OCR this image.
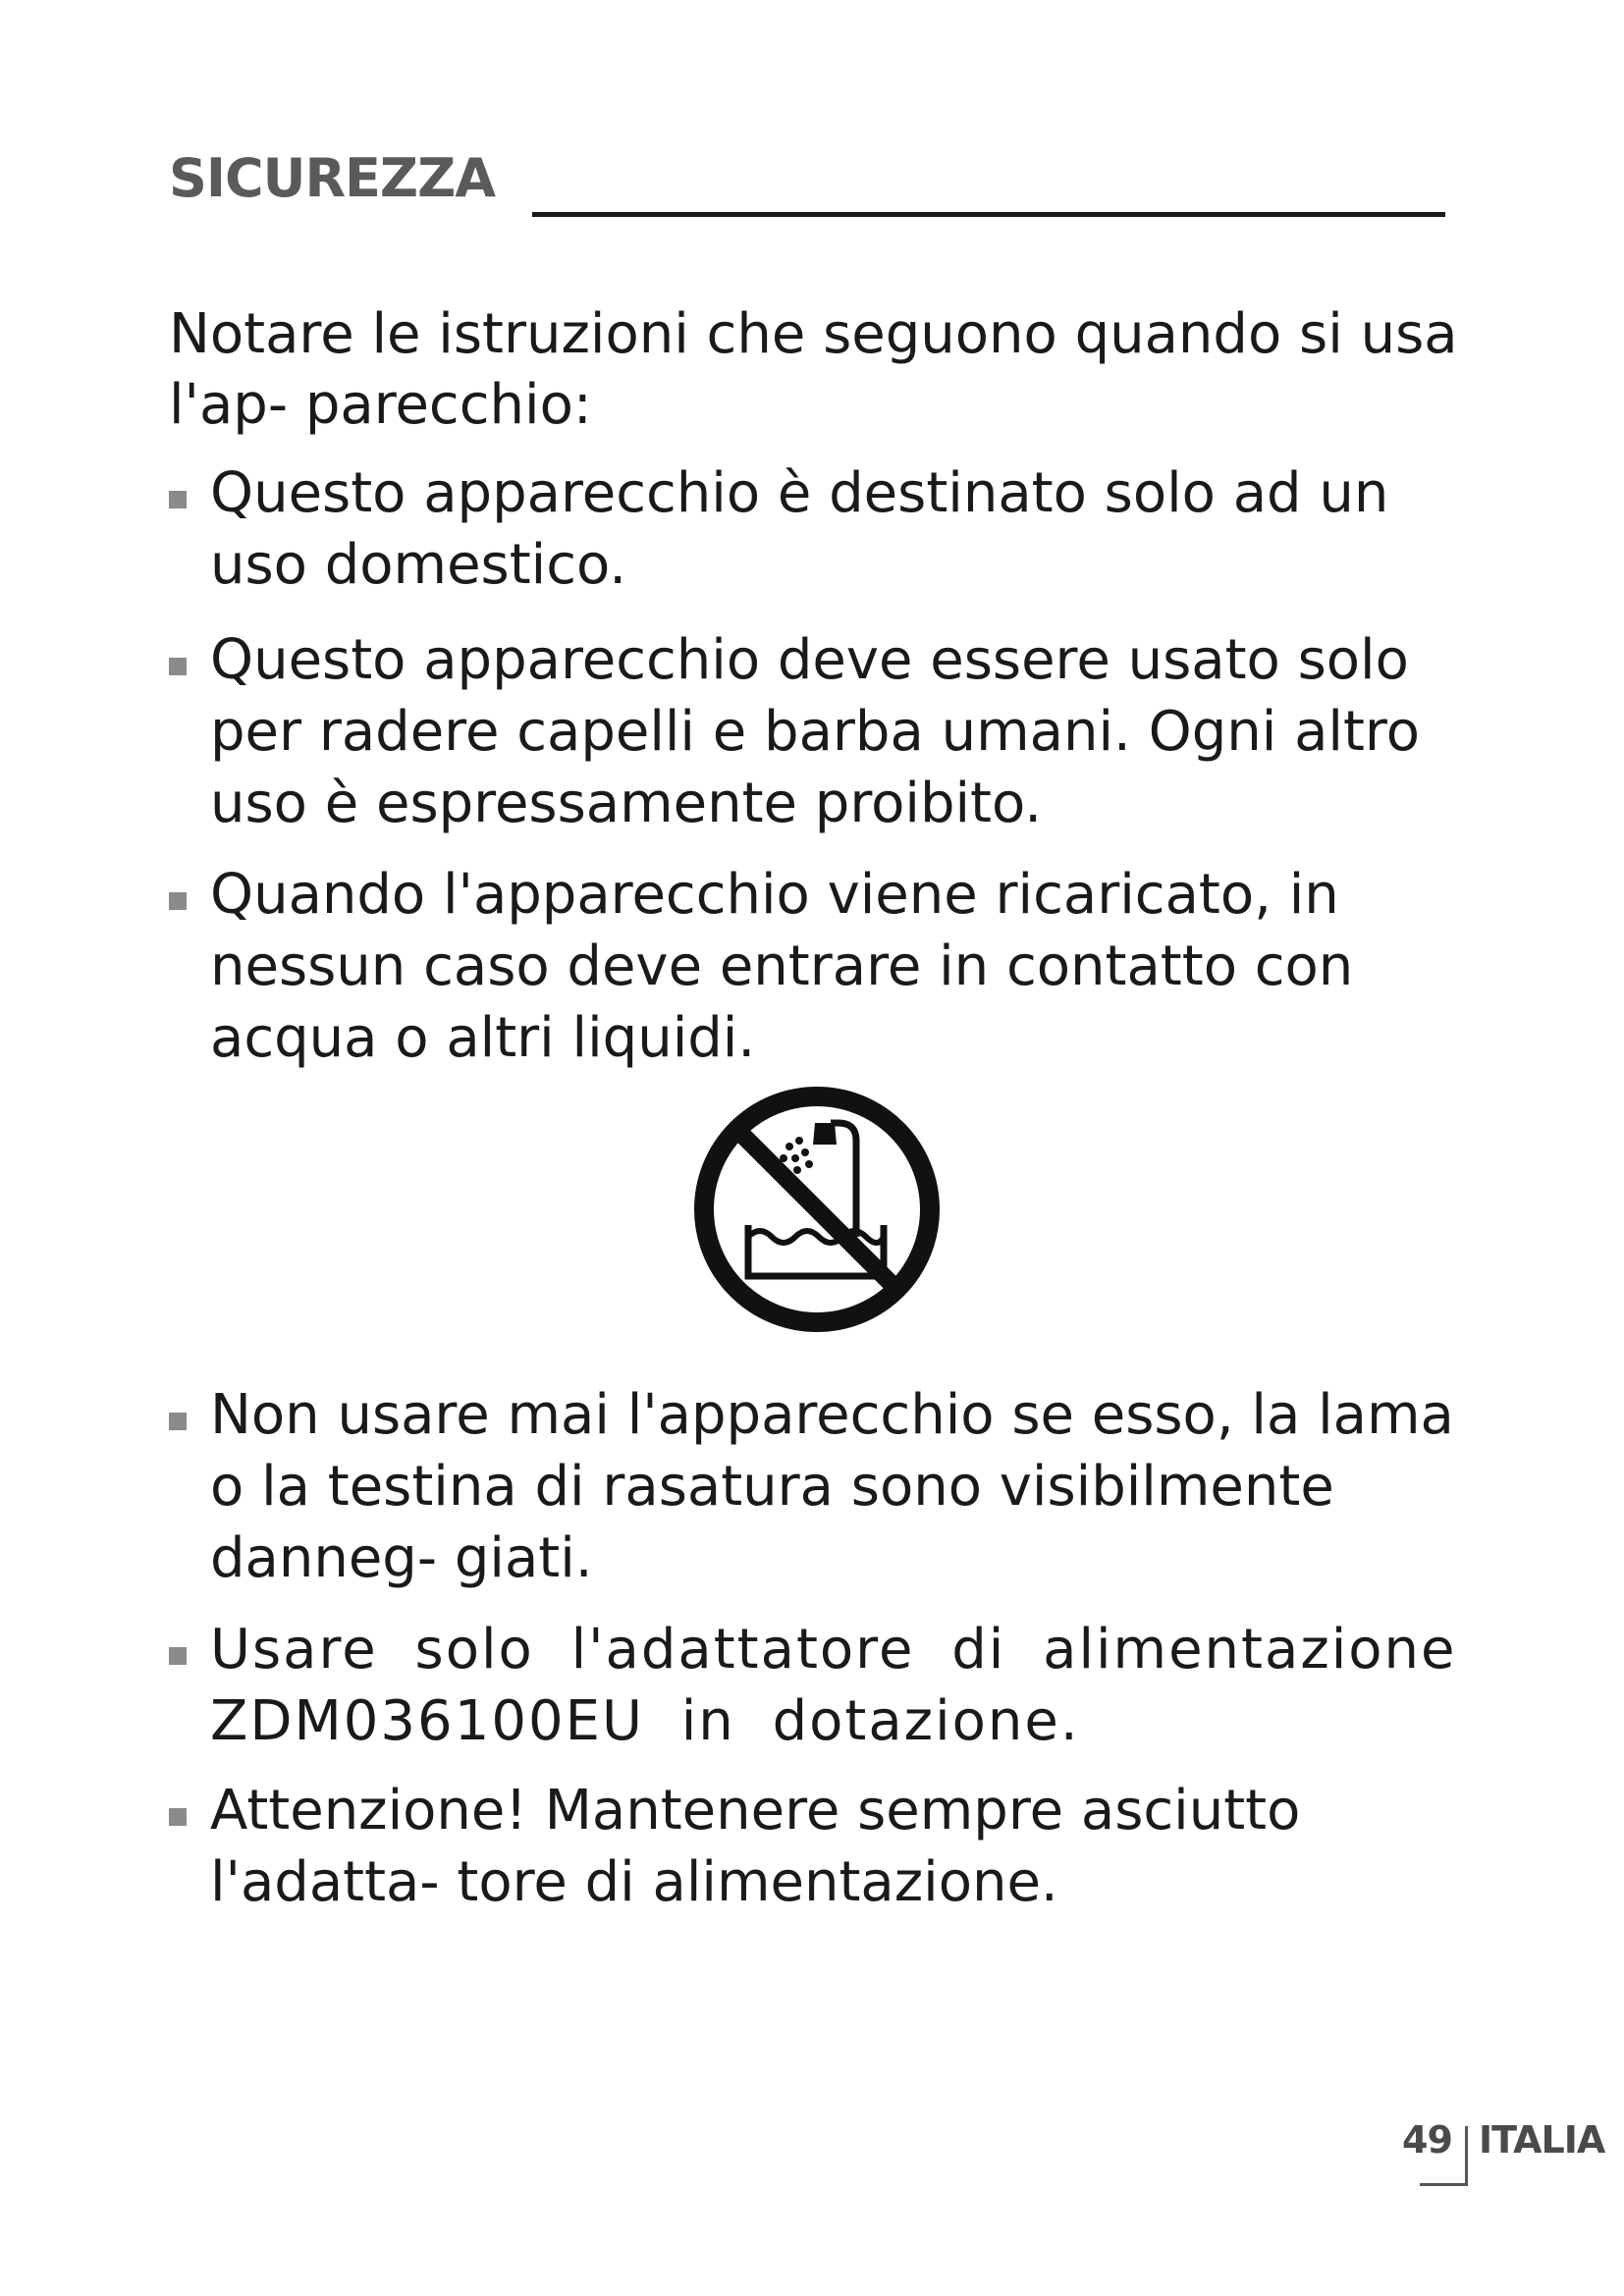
SICUREZZA
Notare le istruzioni che seguono quando si usa l'ap- parecchio:
Questo apparecchio è destinato solo ad un uso domestico.
Questo apparecchio deve essere usato solo per radere capelli e barba umani. Ogni altro uso è espressamente proibito.
Quando l'apparecchio viene ricaricato, in nessun caso deve entrare in contatto con acqua o altri liquidi.
Non usare mai l'apparecchio se esso, la lama o la testina di rasatura sono visibilmente danneg- giati.
Usare solo l'adattatore di alimentazione ZDM036100EU in dotazione.
Attenzione! Mantenere sempre asciutto l'adatta- tore di alimentazione.
49 ITALIA
